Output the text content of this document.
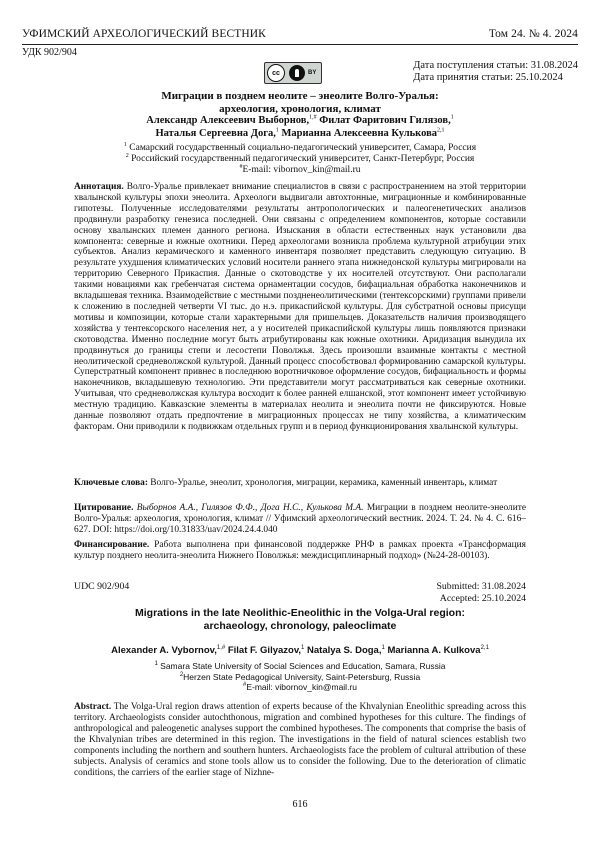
УФИМСКИЙ АРХЕОЛОГИЧЕСКИЙ ВЕСТНИК	Том 24. № 4. 2024
УДК 902/904
cc	BY
Дата поступления статьи: 31.08.2024
Дата принятия статьи: 25.10.2024
Миграции в позднем неолите – энеолите Волго-Уралья:
археология, хронология, климат
Александр Алексеевич Выборнов,$^{1,\#}$ Филат Фаритович Гилязов,$^1$
Наталья Сергеевна Дога,$^1$ Марианна Алексеевна Кулькова$^{2,1}$
$^1$ Самарский государственный социально-педагогический университет, Самара, Россия
$^2$ Российский государственный педагогический университет, Санкт-Петербург, Россия
#E-mail: vibornov_kin@mail.ru

Аннотация. Волго-Уралье привлекает внимание специалистов в связи с распространением на этой территории хвалынской культуры эпохи энеолита. Археологи выдвигали автохтонные, миграционные и комбинированные гипотезы. Полученные исследователями результаты антропологических и палеогенетических анализов продвинули разработку генезиса последней. Они связаны с определением компонентов, которые составили основу хвалынских племен данного региона. Изыскания в области естественных наук установили два компонента: северные и южные охотники. Перед археологами возникла проблема культурной атрибуции этих субъектов. Анализ керамического и каменного инвентаря позволяет представить следующую ситуацию. В результате ухудшения климатических условий носители раннего этапа нижнедонской культуры мигрировали на территорию Северного Прикаспия. Данные о скотоводстве у их носителей отсутствуют. Они располагали такими новациями как гребенчатая система орнаментации сосудов, бифациальная обработка наконечников и вкладышевая техника. Взаимодействие с местными поздненеолитическими (тентексорскими) группами привели к сложению в последней четверти VI тыс. до н.э. прикаспийской культуры. Для субстратной основы присущи мотивы и композиции, которые стали характерными для пришельцев. Доказательств наличия производящего хозяйства у тентексорского населения нет, а у носителей прикаспийской культуры лишь появляются признаки скотоводства. Именно последние могут быть атрибутированы как южные охотники. Аридизация вынудила их продвинуться до границы степи и лесостепи Поволжья. Здесь произошли взаимные контакты с местной неолитической средневолжской культурой. Данный процесс способствовал формированию самарской культуры. Суперстратный компонент привнес в последнюю воротничковое оформление сосудов, бифациальность и формы наконечников, вкладышевую технологию. Эти представители могут рассматриваться как северные охотники. Учитывая, что средневолжская культура восходит к более ранней елшанской, этот компонент имеет устойчивую местную традицию. Кавказские элементы в материалах неолита и энеолита почти не фиксируются. Новые данные позволяют отдать предпочтение в миграционных процессах не типу хозяйства, а климатическим факторам. Они приводили к подвижкам отдельных групп и в период функционирования хвалынской культуры.

Ключевые слова: Волго-Уралье, энеолит, хронология, миграции, керамика, каменный инвентарь, климат

Цитирование. Выборнов А.А., Гилязов Ф.Ф., Дога Н.С., Кулькова М.А. Миграции в позднем неолите-энеолите Волго-Уралья: археология, хронология, климат // Уфимский археологический вестник. 2024. Т. 24. № 4. С. 616–627. DOI: https://doi.org/10.31833/uav/2024.24.4.040

Финансирование. Работа выполнена при финансовой поддержке РНФ в рамках проекта «Трансформация культур позднего неолита-энеолита Нижнего Поволжья: междисциплинарный подход» (№24-28-00103).

UDC 902/904	Submitted: 31.08.2024
Accepted: 25.10.2024
Migrations in the late Neolithic-Eneolithic in the Volga-Ural region:
archaeology, chronology, paleoclimate
Alexander A. Vybornov,$^{1,\#}$ Filat F. Gilyazov,$^1$ Natalya S. Doga,$^1$ Marianna A. Kulkova$^{2,1}$
$^1$ Samara State University of Social Sciences and Education, Samara, Russia
$^2$Herzen State Pedagogical University, Saint-Petersburg, Russia
#E-mail: vibornov_kin@mail.ru

Abstract. The Volga-Ural region draws attention of experts because of the Khvalynian Eneolithic spreading across this territory. Archaeologists consider autochthonous, migration and combined hypotheses for this culture. The findings of anthropological and paleogenetic analyses support the combined hypotheses. The components that comprise the basis of the Khvalynian tribes are determined in this region. The investigations in the field of natural sciences establish two components including the northern and southern hunters. Archaeologists face the problem of cultural attribution of these subjects. Analysis of ceramics and stone tools allow us to consider the following. Due to the deterioration of climatic conditions, the carriers of the earlier stage of Nizhne-

616
